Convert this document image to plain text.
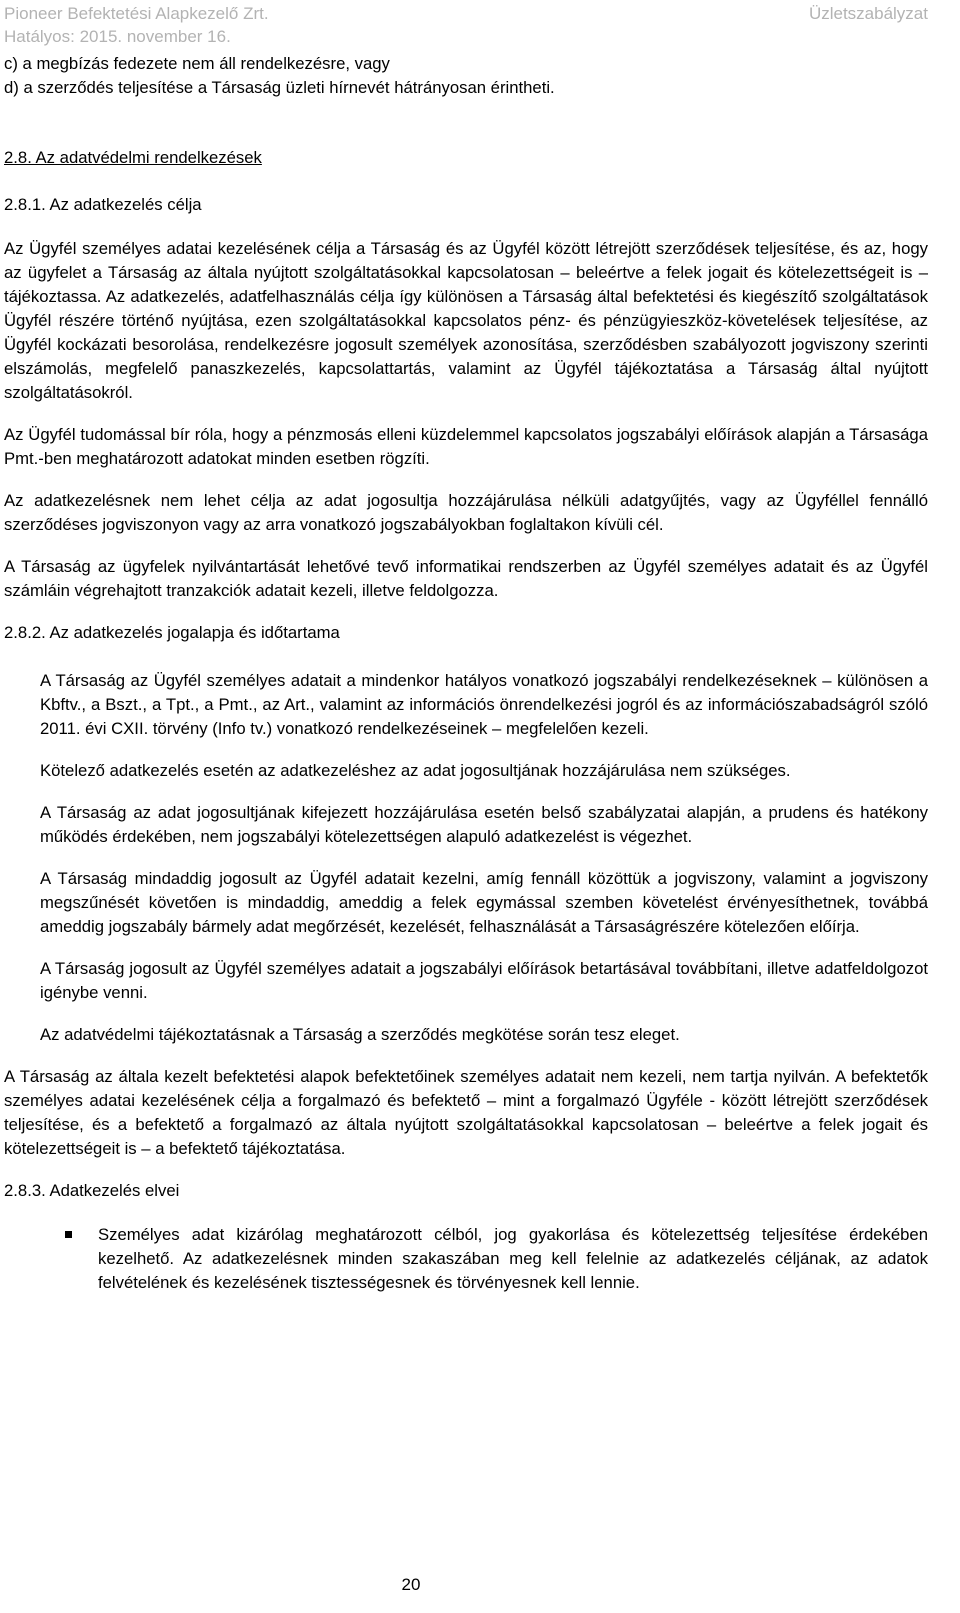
Pioneer Befektetési Alapkezelő Zrt.	Üzletszabályzat
Hatályos: 2015. november 16.

c) a megbízás fedezete nem áll rendelkezésre, vagy

d) a szerződés teljesítése a Társaság üzleti hírnevét hátrányosan érintheti.

2.8. Az adatvédelmi rendelkezések

2.8.1. Az adatkezelés célja

Az Ügyfél személyes adatai kezelésének célja a Társaság és az Ügyfél között létrejött szerződések teljesítése, és az, hogy az ügyfelet a Társaság az általa nyújtott szolgáltatásokkal kapcsolatosan – beleértve a felek jogait és kötelezettségeit is – tájékoztassa. Az adatkezelés, adatfelhasználás célja így különösen a Társaság által befektetési és kiegészítő szolgáltatások Ügyfél részére történő nyújtása, ezen szolgáltatásokkal kapcsolatos pénz- és pénzügyieszköz-követelések teljesítése, az Ügyfél kockázati besorolása, rendelkezésre jogosult személyek azonosítása, szerződésben szabályozott jogviszony szerinti elszámolás, megfelelő panaszkezelés, kapcsolattartás, valamint az Ügyfél tájékoztatása a Társaság által nyújtott szolgáltatásokról.

Az Ügyfél tudomással bír róla, hogy a pénzmosás elleni küzdelemmel kapcsolatos jogszabályi előírások alapján a Társasága Pmt.-ben meghatározott adatokat minden esetben rögzíti.

Az adatkezelésnek nem lehet célja az adat jogosultja hozzájárulása nélküli adatgyűjtés, vagy az Ügyféllel fennálló szerződéses jogviszonyon vagy az arra vonatkozó jogszabályokban foglaltakon kívüli cél.

A Társaság az ügyfelek nyilvántartását lehetővé tevő informatikai rendszerben az Ügyfél személyes adatait és az Ügyfél számláin végrehajtott tranzakciók adatait kezeli, illetve feldolgozza.

2.8.2. Az adatkezelés jogalapja és időtartama

A Társaság az Ügyfél személyes adatait a mindenkor hatályos vonatkozó jogszabályi rendelkezéseknek – különösen a Kbftv., a Bszt., a Tpt., a Pmt., az Art., valamint az információs önrendelkezési jogról és az információszabadságról szóló 2011. évi CXII. törvény (Info tv.) vonatkozó rendelkezéseinek – megfelelően kezeli.

Kötelező adatkezelés esetén az adatkezeléshez az adat jogosultjának hozzájárulása nem szükséges.

A Társaság az adat jogosultjának kifejezett hozzájárulása esetén belső szabályzatai alapján, a prudens és hatékony működés érdekében, nem jogszabályi kötelezettségen alapuló adatkezelést is végezhet.

A Társaság mindaddig jogosult az Ügyfél adatait kezelni, amíg fennáll közöttük a jogviszony, valamint a jogviszony megszűnését követően is mindaddig, ameddig a felek egymással szemben követelést érvényesíthetnek, továbbá ameddig jogszabály bármely adat megőrzését, kezelését, felhasználását a Társaságrészére kötelezően előírja.

A Társaság jogosult az Ügyfél személyes adatait a jogszabályi előírások betartásával továbbítani, illetve adatfeldolgozot igénybe venni.

Az adatvédelmi tájékoztatásnak a Társaság a szerződés megkötése során tesz eleget.

A Társaság az általa kezelt befektetési alapok befektetőinek személyes adatait nem kezeli, nem tartja nyilván. A befektetők személyes adatai kezelésének célja a forgalmazó és befektető – mint a forgalmazó Ügyféle - között létrejött szerződések teljesítése, és a befektető a forgalmazó az általa nyújtott szolgáltatásokkal kapcsolatosan – beleértve a felek jogait és kötelezettségeit is – a befektető tájékoztatása.

2.8.3. Adatkezelés elvei

Személyes adat kizárólag meghatározott célból, jog gyakorlása és kötelezettség teljesítése érdekében kezelhető. Az adatkezelésnek minden szakaszában meg kell felelnie az adatkezelés céljának, az adatok felvételének és kezelésének tisztességesnek és törvényesnek kell lennie.
20
